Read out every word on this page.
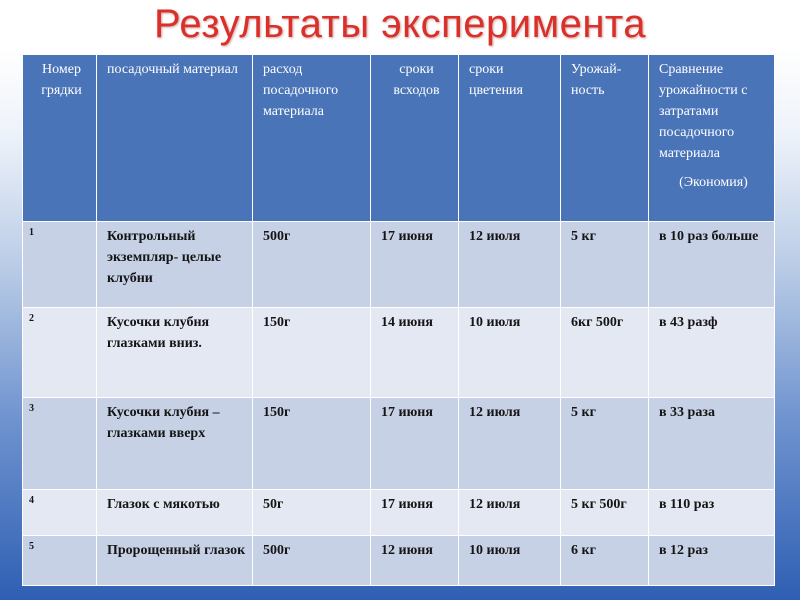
Результаты эксперимента
Номер грядки	посадочный материал	расход посадочного материала	сроки всходов	сроки цветения	Урожай-ность	Сравнение урожайности с затратами посадочного материала
(Экономия)

1	Контрольный экземпляр- целые клубни	500г	17 июня	12 июля	5 кг	в 10 раз больше
2	Кусочки клубня глазками вниз.	150г	14 июня	10 июля	6кг 500г	в 43 разф
3	Кусочки клубня – глазками вверх	150г	17 июня	12 июля	5 кг	в 33 раза
4	Глазок с мякотью	50г	17 июня	12 июля	5 кг 500г	в 110 раз
5	Пророщенный глазок	500г	12 июня	10 июля	6 кг	в 12 раз
